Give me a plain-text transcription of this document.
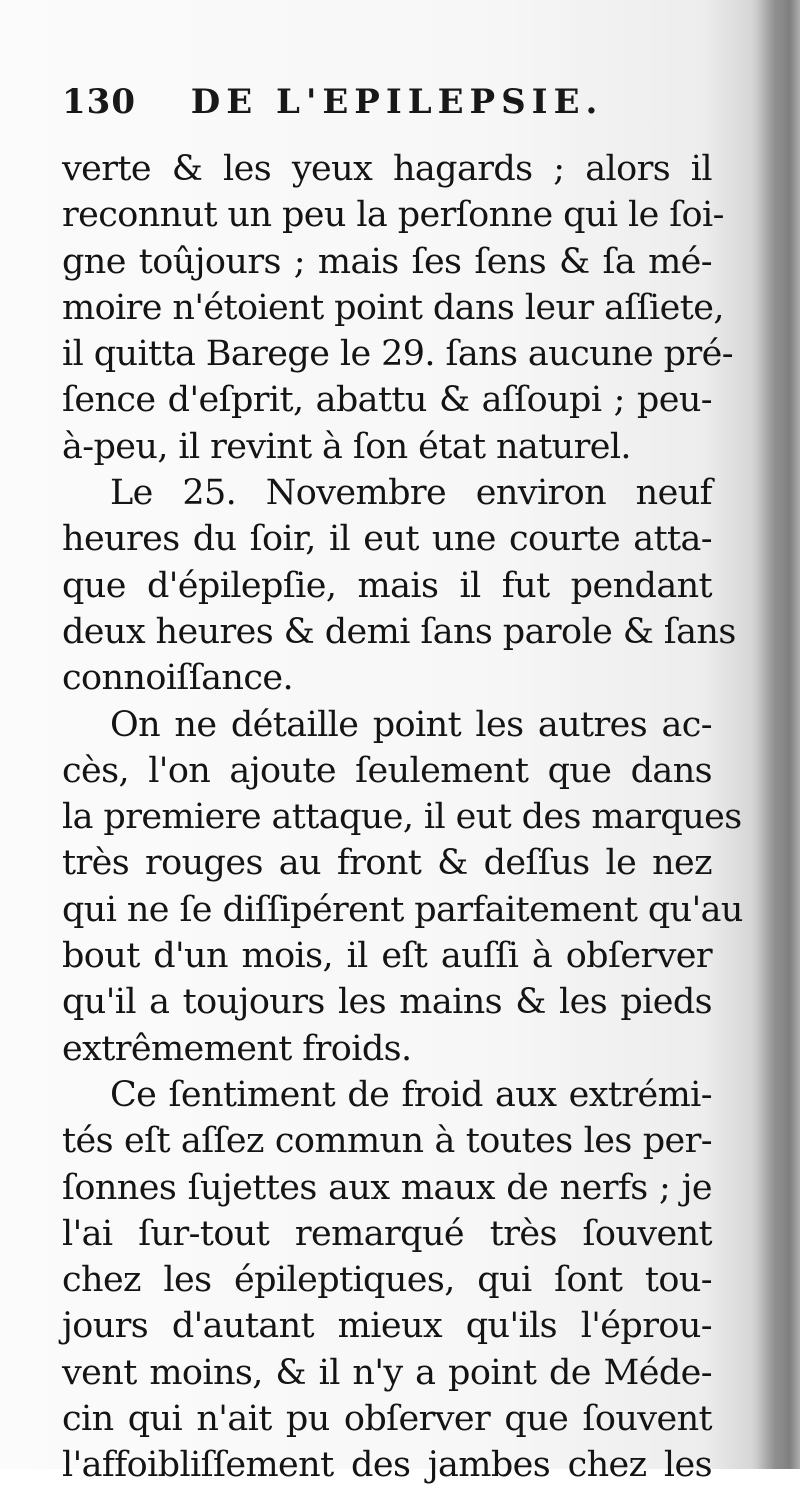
130 DE L'EPILEPSIE.
verte & les yeux hagards ; alors il
reconnut un peu la perſonne qui le ſoi-
gne toûjours ; mais ſes ſens & ſa mé-
moire n'étoient point dans leur aſſiete,
il quitta Barege le 29. ſans aucune pré-
ſence d'eſprit, abattu & aſſoupi ; peu-
à-peu, il revint à ſon état naturel.
Le 25. Novembre environ neuf
heures du ſoir, il eut une courte atta-
que d'épilepſie, mais il fut pendant
deux heures & demi ſans parole & ſans
connoiſſance.
On ne détaille point les autres ac-
cès, l'on ajoute ſeulement que dans
la premiere attaque, il eut des marques
très rouges au front & deſſus le nez
qui ne ſe diſſipérent parfaitement qu'au
bout d'un mois, il eſt auſſi à obſerver
qu'il a toujours les mains & les pieds
extrêmement froids.
Ce ſentiment de froid aux extrémi-
tés eſt aſſez commun à toutes les per-
ſonnes ſujettes aux maux de nerfs ; je
l'ai ſur-tout remarqué très ſouvent
chez les épileptiques, qui ſont tou-
jours d'autant mieux qu'ils l'éprou-
vent moins, & il n'y a point de Méde-
cin qui n'ait pu obſerver que ſouvent
l'affoibliſſement des jambes chez les
